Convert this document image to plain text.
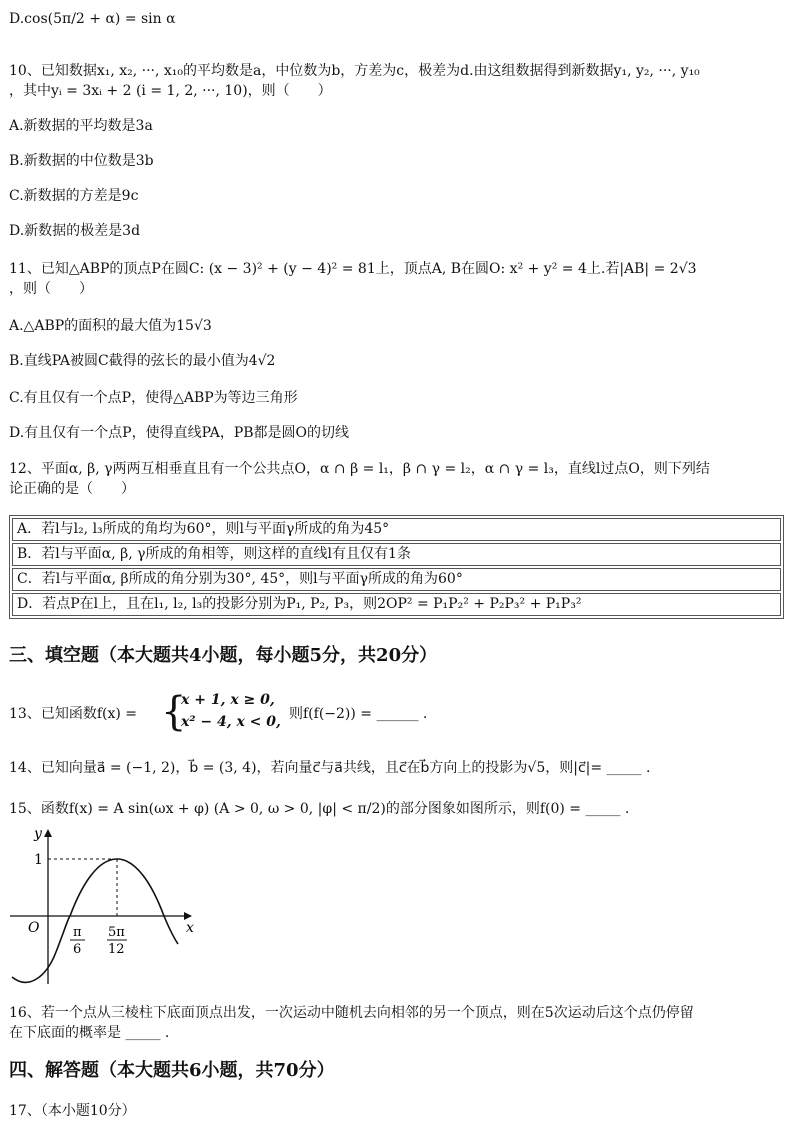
D.cos(5π/2 + α) = sin α
10、已知数据x₁, x₂, ···, x₁₀的平均数是a，中位数为b，方差为c，极差为d.由这组数据得到新数据y₁, y₂, ···, y₁₀
，其中yᵢ = 3xᵢ + 2 (i = 1, 2, ···, 10)，则（　　）
A.新数据的平均数是3a
B.新数据的中位数是3b
C.新数据的方差是9c
D.新数据的极差是3d
11、已知△ABP的顶点P在圆C: (x − 3)² + (y − 4)² = 81上，顶点A, B在圆O: x² + y² = 4上.若|AB| = 2√3
，则（　　）
A.△ABP的面积的最大值为15√3
B.直线PA被圆C截得的弦长的最小值为4√2
C.有且仅有一个点P，使得△ABP为等边三角形
D.有且仅有一个点P，使得直线PA，PB都是圆O的切线
12、平面α, β, γ两两互相垂直且有一个公共点O，α ∩ β = l₁，β ∩ γ = l₂，α ∩ γ = l₃，直线l过点O，则下列结
论正确的是（　　）
A．若l与l₂, l₃所成的角均为60°，则l与平面γ所成的角为45°
B．若l与平面α, β, γ所成的角相等，则这样的直线l有且仅有1条
C．若l与平面α, β所成的角分别为30°, 45°，则l与平面γ所成的角为60°
D．若点P在l上，且在l₁, l₂, l₃的投影分别为P₁, P₂, P₃，则2OP² = P₁P₂² + P₂P₃² + P₁P₃²
三、填空题（本大题共4小题，每小题5分，共20分）
13、已知函数f(x) = {
x + 1, x ≥ 0,
x² − 4, x < 0, 则f(f(−2)) = ______ .
14、已知向量a⃗ = (−1, 2)，b⃗ = (3, 4)，若向量c⃗与a⃗共线，且c⃗在b⃗方向上的投影为√5，则|c⃗|= _____ .
15、函数f(x) = A sin(ωx + φ) (A > 0, ω > 0, |φ| < π/2)的部分图象如图所示，则f(0) = _____ .
y
x
O
1
π
6
5π
12
16、若一个点从三棱柱下底面顶点出发，一次运动中随机去向相邻的另一个顶点，则在5次运动后这个点仍停留
在下底面的概率是 _____ .
四、解答题（本大题共6小题，共70分）
17、（本小题10分）
